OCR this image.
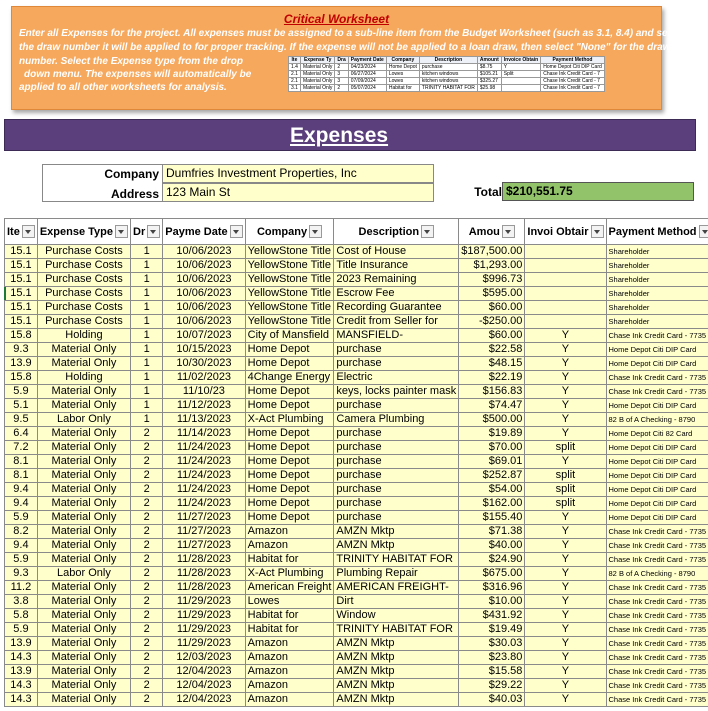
Critical Worksheet
Enter all Expenses for the project. All expenses must be assigned to a sub-line item from the Budget Worksheet (such as 3.1, 8.4) and select
the draw number it will be applied to for proper tracking. If the expense will not be applied to a loan draw, then select "None" for the draw
number. Select the Expense type from the drop
down menu. The expenses will automatically be
applied to all other worksheets for analysis.
Ite	Expense Ty	Dra	Payment Date	Company	Description	Amount	Invoice Obtain	Payment Method
1.4	Material Only	2	04/23/2024	Home Depot	purchase	$8.75	Y	Home Depot Citi DIP Card
2.1	Material Only	3	06/27/2024	Lowes	kitchen windows	$105.21	Split	Chase Ink Credit Card - 7
2.1	Material Only	3	07/09/2024	Lowes	kitchen windows	$325.27		Chase Ink Credit Card - 7
3.1	Material Only	2	05/07/2024	Habitat for	TRINITY HABITAT FOR	$25.98		Chase Ink Credit Card - 7
Expenses
Company Dumfries Investment Properties, Inc
Address 123 Main St	Total $210,551.75
Ite	Expense Type	Dr	Payme Date	Company	Description	Amou	Invoi Obtair	Payment Method
15.1	Purchase Costs	1	10/06/2023	YellowStone Title	Cost of House	$187,500.00		Shareholder
15.1	Purchase Costs	1	10/06/2023	YellowStone Title	Title Insurance	$1,293.00		Shareholder
15.1	Purchase Costs	1	10/06/2023	YellowStone Title	2023 Remaining	$996.73		Shareholder
15.1	Purchase Costs	1	10/06/2023	YellowStone Title	Escrow Fee	$595.00		Shareholder
15.1	Purchase Costs	1	10/06/2023	YellowStone Title	Recording Guarantee	$60.00		Shareholder
15.1	Purchase Costs	1	10/06/2023	YellowStone Title	Credit from Seller for	-$250.00		Shareholder
15.8	Holding	1	10/07/2023	City of Mansfield	MANSFIELD-	$60.00	Y	Chase Ink Credit Card - 7735
9.3	Material Only	1	10/15/2023	Home Depot	purchase	$22.58	Y	Home Depot Citi DIP Card
13.9	Material Only	1	10/30/2023	Home Depot	purchase	$48.15	Y	Home Depot Citi DIP Card
15.8	Holding	1	11/02/2023	4Change Energy	Electric	$22.19	Y	Chase Ink Credit Card - 7735
5.9	Material Only	1	11/10/23	Home Depot	keys, locks painter mask	$156.83	Y	Chase Ink Credit Card - 7735
5.1	Material Only	1	11/12/2023	Home Depot	purchase	$74.47	Y	Home Depot Citi DIP Card
9.5	Labor Only	1	11/13/2023	X-Act Plumbing	Camera Plumbing	$500.00	Y	82 B of A Checking - 8790
6.4	Material Only	2	11/14/2023	Home Depot	purchase	$19.89	Y	Home Depot Citi 82 Card
7.2	Material Only	2	11/24/2023	Home Depot	purchase	$70.00	split	Home Depot Citi DIP Card
8.1	Material Only	2	11/24/2023	Home Depot	purchase	$69.01	Y	Home Depot Citi DIP Card
8.1	Material Only	2	11/24/2023	Home Depot	purchase	$252.87	split	Home Depot Citi DIP Card
9.4	Material Only	2	11/24/2023	Home Depot	purchase	$54.00	split	Home Depot Citi DIP Card
9.4	Material Only	2	11/24/2023	Home Depot	purchase	$162.00	split	Home Depot Citi DIP Card
5.9	Material Only	2	11/27/2023	Home Depot	purchase	$155.40	Y	Home Depot Citi DIP Card
8.2	Material Only	2	11/27/2023	Amazon	AMZN Mktp	$71.38	Y	Chase Ink Credit Card - 7735
9.4	Material Only	2	11/27/2023	Amazon	AMZN Mktp	$40.00	Y	Chase Ink Credit Card - 7735
5.9	Material Only	2	11/28/2023	Habitat for	TRINITY HABITAT FOR	$24.90	Y	Chase Ink Credit Card - 7735
9.3	Labor Only	2	11/28/2023	X-Act Plumbing	Plumbing Repair	$675.00	Y	82 B of A Checking - 8790
11.2	Material Only	2	11/28/2023	American Freight	AMERICAN FREIGHT-	$316.96	Y	Chase Ink Credit Card - 7735
3.8	Material Only	2	11/29/2023	Lowes	Dirt	$10.00	Y	Chase Ink Credit Card - 7735
5.8	Material Only	2	11/29/2023	Habitat for	Window	$431.92	Y	Chase Ink Credit Card - 7735
5.9	Material Only	2	11/29/2023	Habitat for	TRINITY HABITAT FOR	$19.49	Y	Chase Ink Credit Card - 7735
13.9	Material Only	2	11/29/2023	Amazon	AMZN Mktp	$30.03	Y	Chase Ink Credit Card - 7735
14.3	Material Only	2	12/03/2023	Amazon	AMZN Mktp	$23.80	Y	Chase Ink Credit Card - 7735
13.9	Material Only	2	12/04/2023	Amazon	AMZN Mktp	$15.58	Y	Chase Ink Credit Card - 7735
14.3	Material Only	2	12/04/2023	Amazon	AMZN Mktp	$29.22	Y	Chase Ink Credit Card - 7735
14.3	Material Only	2	12/04/2023	Amazon	AMZN Mktp	$40.03	Y	Chase Ink Credit Card - 7735
